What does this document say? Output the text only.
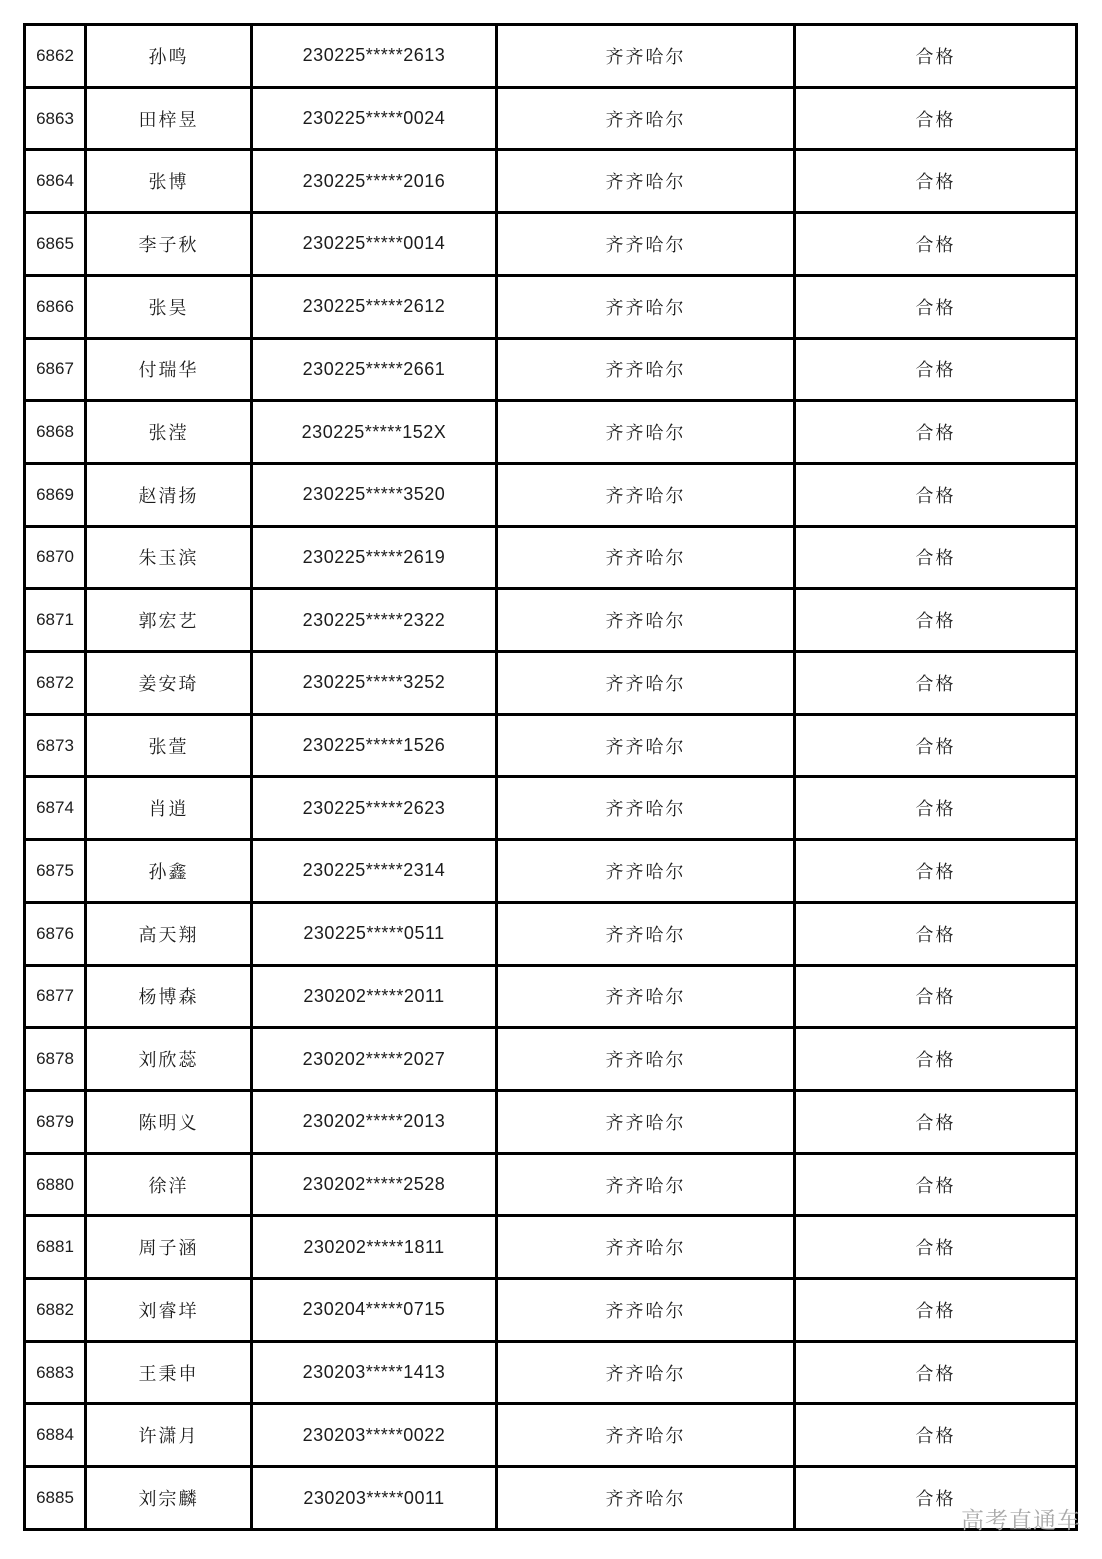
6862	孙鸣	230225*****2613	齐齐哈尔	合格
6863	田梓昱	230225*****0024	齐齐哈尔	合格
6864	张博	230225*****2016	齐齐哈尔	合格
6865	李子秋	230225*****0014	齐齐哈尔	合格
6866	张昊	230225*****2612	齐齐哈尔	合格
6867	付瑞华	230225*****2661	齐齐哈尔	合格
6868	张滢	230225*****152X	齐齐哈尔	合格
6869	赵清扬	230225*****3520	齐齐哈尔	合格
6870	朱玉滨	230225*****2619	齐齐哈尔	合格
6871	郭宏艺	230225*****2322	齐齐哈尔	合格
6872	姜安琦	230225*****3252	齐齐哈尔	合格
6873	张萱	230225*****1526	齐齐哈尔	合格
6874	肖逍	230225*****2623	齐齐哈尔	合格
6875	孙鑫	230225*****2314	齐齐哈尔	合格
6876	高天翔	230225*****0511	齐齐哈尔	合格
6877	杨博森	230202*****2011	齐齐哈尔	合格
6878	刘欣蕊	230202*****2027	齐齐哈尔	合格
6879	陈明义	230202*****2013	齐齐哈尔	合格
6880	徐洋	230202*****2528	齐齐哈尔	合格
6881	周子涵	230202*****1811	齐齐哈尔	合格
6882	刘睿垟	230204*****0715	齐齐哈尔	合格
6883	王秉申	230203*****1413	齐齐哈尔	合格
6884	许潇月	230203*****0022	齐齐哈尔	合格
6885	刘宗麟	230203*****0011	齐齐哈尔	合格
高考直通车
